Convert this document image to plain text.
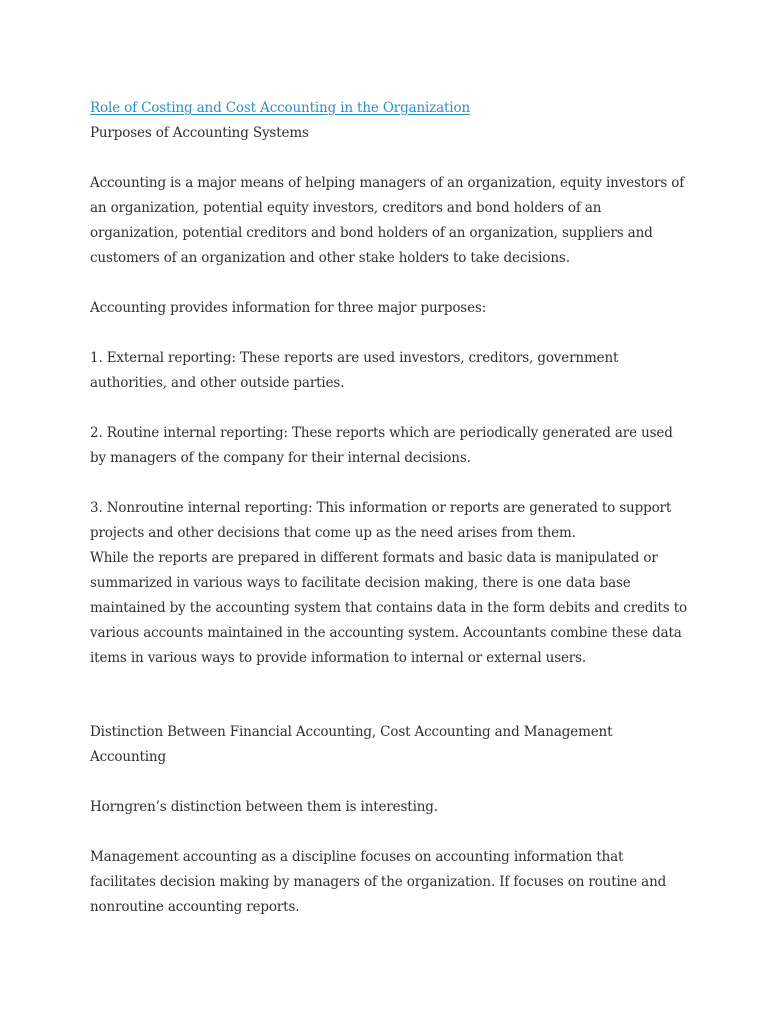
Role of Costing and Cost Accounting in the Organization

Purposes of Accounting Systems

Accounting is a major means of helping managers of an organization, equity investors of an organization, potential equity investors, creditors and bond holders of an organization, potential creditors and bond holders of an organization, suppliers and customers of an organization and other stake holders to take decisions.

Accounting provides information for three major purposes:

1. External reporting: These reports are used investors, creditors, government authorities, and other outside parties.

2. Routine internal reporting: These reports which are periodically generated are used by managers of the company for their internal decisions.

3. Nonroutine internal reporting: This information or reports are generated to support projects and other decisions that come up as the need arises from them.

While the reports are prepared in different formats and basic data is manipulated or summarized in various ways to facilitate decision making, there is one data base maintained by the accounting system that contains data in the form debits and credits to various accounts maintained in the accounting system. Accountants combine these data items in various ways to provide information to internal or external users.

Distinction Between Financial Accounting, Cost Accounting and Management Accounting

Horngren’s distinction between them is interesting.

Management accounting as a discipline focuses on accounting information that facilitates decision making by managers of the organization. If focuses on routine and nonroutine accounting reports.
